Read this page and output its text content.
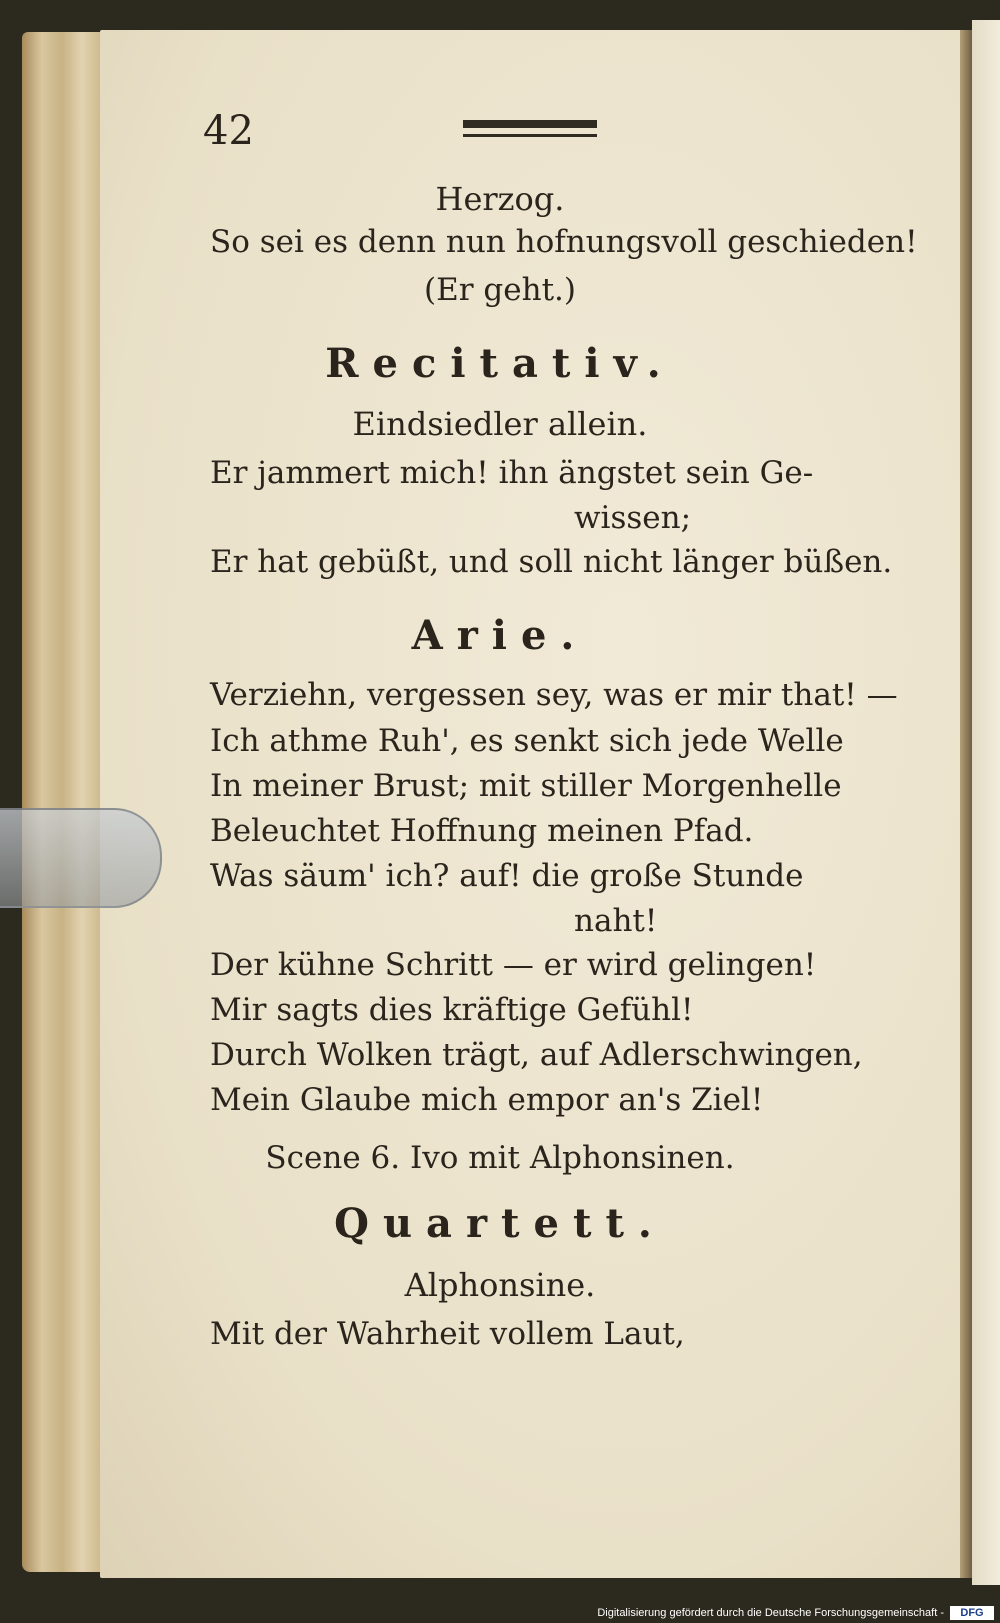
42
Herzog.
So sei es denn nun hofnungsvoll geschieden!
(Er geht.)
Recitativ.
Eindsiedler allein.
Er jammert mich! ihn ängstet sein Ge-
wissen;
Er hat gebüßt, und soll nicht länger büßen.
Arie.
Verziehn, vergessen sey, was er mir that! —
Ich athme Ruh', es senkt sich jede Welle
In meiner Brust; mit stiller Morgenhelle
Beleuchtet Hoffnung meinen Pfad.
Was säum' ich? auf! die große Stunde
naht!
Der kühne Schritt — er wird gelingen!
Mir sagts dies kräftige Gefühl!
Durch Wolken trägt, auf Adlerschwingen,
Mein Glaube mich empor an's Ziel!
Scene 6. Ivo mit Alphonsinen.
Quartett.
Alphonsine.
Mit der Wahrheit vollem Laut,
Digitalisierung gefördert durch die Deutsche Forschungsgemeinschaft -	DFG
